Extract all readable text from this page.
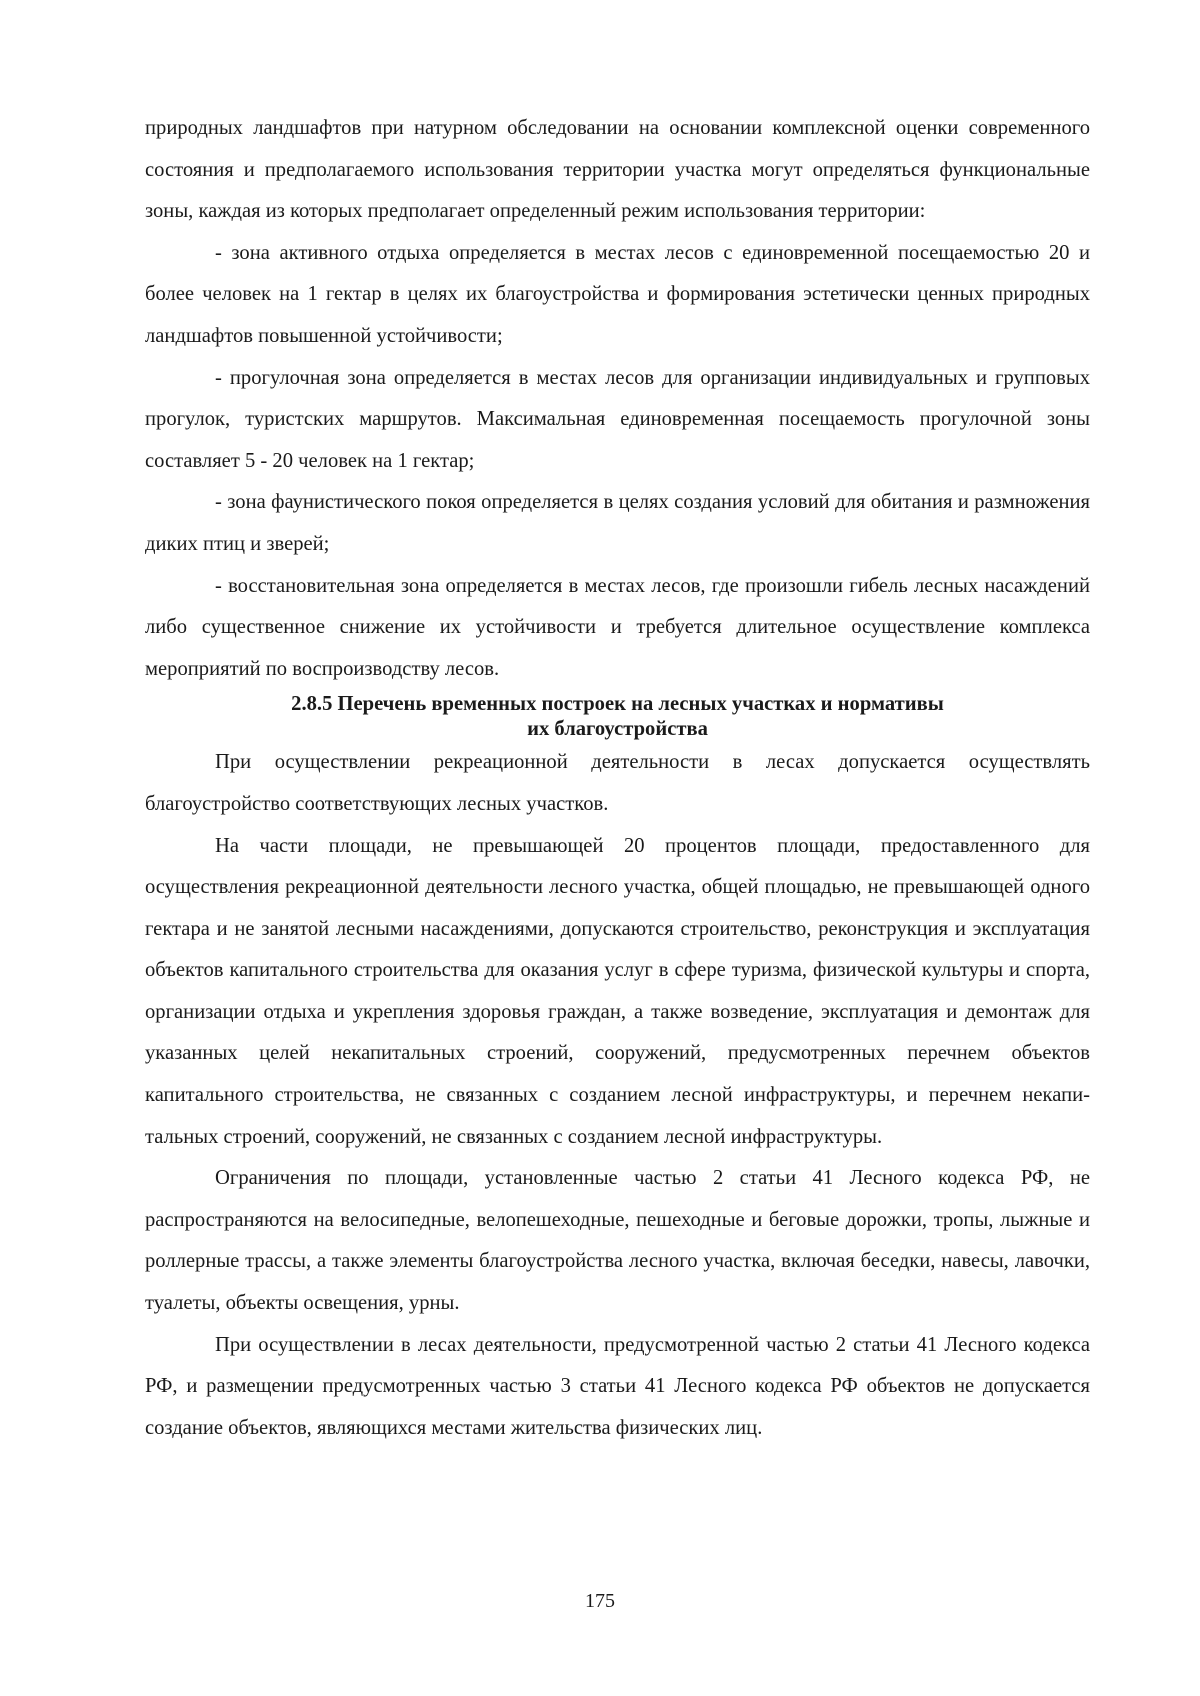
природных ландшафтов при натурном обследовании на основании комплексной оценки современного состояния и предполагаемого использования территории участка могут определяться функциональные зоны, каждая из которых предполагает определенный режим использования территории:

- зона активного отдыха определяется в местах лесов с единовременной посещаемостью 20 и более человек на 1 гектар в целях их благоустройства и формирования эстетически ценных природных ландшафтов повышенной устойчивости;

- прогулочная зона определяется в местах лесов для организации индивидуальных и групповых прогулок, туристских маршрутов. Максимальная единовременная посещаемость прогулочной зоны составляет 5 - 20 человек на 1 гектар;

- зона фаунистического покоя определяется в целях создания условий для обитания и размножения диких птиц и зверей;

- восстановительная зона определяется в местах лесов, где произошли гибель лесных насаждений либо существенное снижение их устойчивости и требуется длительное осуществление комплекса мероприятий по воспроизводству лесов.

2.8.5 Перечень временных построек на лесных участках и нормативы
их благоустройства

При осуществлении рекреационной деятельности в лесах допускается осуществлять благоустройство соответствующих лесных участков.

На части площади, не превышающей 20 процентов площади, предоставленного для осуществления рекреационной деятельности лесного участка, общей площадью, не превышающей одного гектара и не занятой лесными насаждениями, допускаются строительство, реконструкция и эксплуатация объектов капитального строительства для оказания услуг в сфере туризма, физической культуры и спорта, организации отдыха и укрепления здоровья граждан, а также возведение, эксплуатация и демонтаж для указанных целей некапитальных строений, сооружений, предусмотренных перечнем объектов капитального строительства, не связанных с созданием лесной инфраструктуры, и перечнем некапитальных строений, сооружений, не связанных с созданием лесной инфраструктуры.

Ограничения по площади, установленные частью 2 статьи 41 Лесного кодекса РФ, не распространяются на велосипедные, велопешеходные, пешеходные и беговые дорожки, тропы, лыжные и роллерные трассы, а также элементы благоустройства лесного участка, включая беседки, навесы, лавочки, туалеты, объекты освещения, урны.

При осуществлении в лесах деятельности, предусмотренной частью 2 статьи 41 Лесного кодекса РФ, и размещении предусмотренных частью 3 статьи 41 Лесного кодекса РФ объектов не допускается создание объектов, являющихся местами жительства физических лиц.

175
